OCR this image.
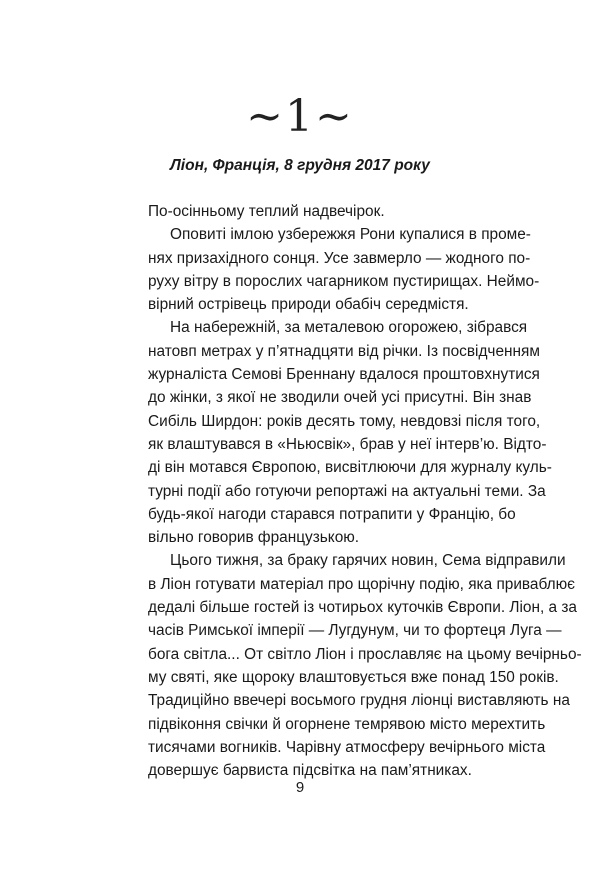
~1~
Ліон, Франція, 8 грудня 2017 року
По-осінньому теплий надвечірок.
Оповиті імлою узбережжя Рони купалися в проме-
нях призахідного сонця. Усе завмерло — жодного по-
руху вітру в порослих чагарником пустирищах. Неймо-
вірний острівець природи обабіч середмістя.
На набережній, за металевою огорожею, зібрався
натовп метрах у п’ятнадцяти від річки. Із посвідченням
журналіста Семові Бреннану вдалося проштовхнутися
до жінки, з якої не зводили очей усі присутні. Він знав
Сибіль Ширдон: років десять тому, невдовзі після того,
як влаштувався в «Ньюсвік», брав у неї інтерв’ю. Відто-
ді він мотався Європою, висвітлюючи для журналу куль-
турні події або готуючи репортажі на актуальні теми. За
будь-якої нагоди старався потрапити у Францію, бо
вільно говорив французькою.
Цього тижня, за браку гарячих новин, Сема відправили
в Ліон готувати матеріал про щорічну подію, яка приваблює
дедалі більше гостей із чотирьох куточків Європи. Ліон, а за
часів Римської імперії — Лугдунум, чи то фортеця Луга —
бога світла... От світло Ліон і прославляє на цьому вечірньо-
му святі, яке щороку влаштовується вже понад 150 років.
Традиційно ввечері восьмого грудня ліонці виставляють на
підвіконня свічки й огорнене темрявою місто мерехтить
тисячами вогників. Чарівну атмосферу вечірнього міста
довершує барвиста підсвітка на пам’ятниках.
9
